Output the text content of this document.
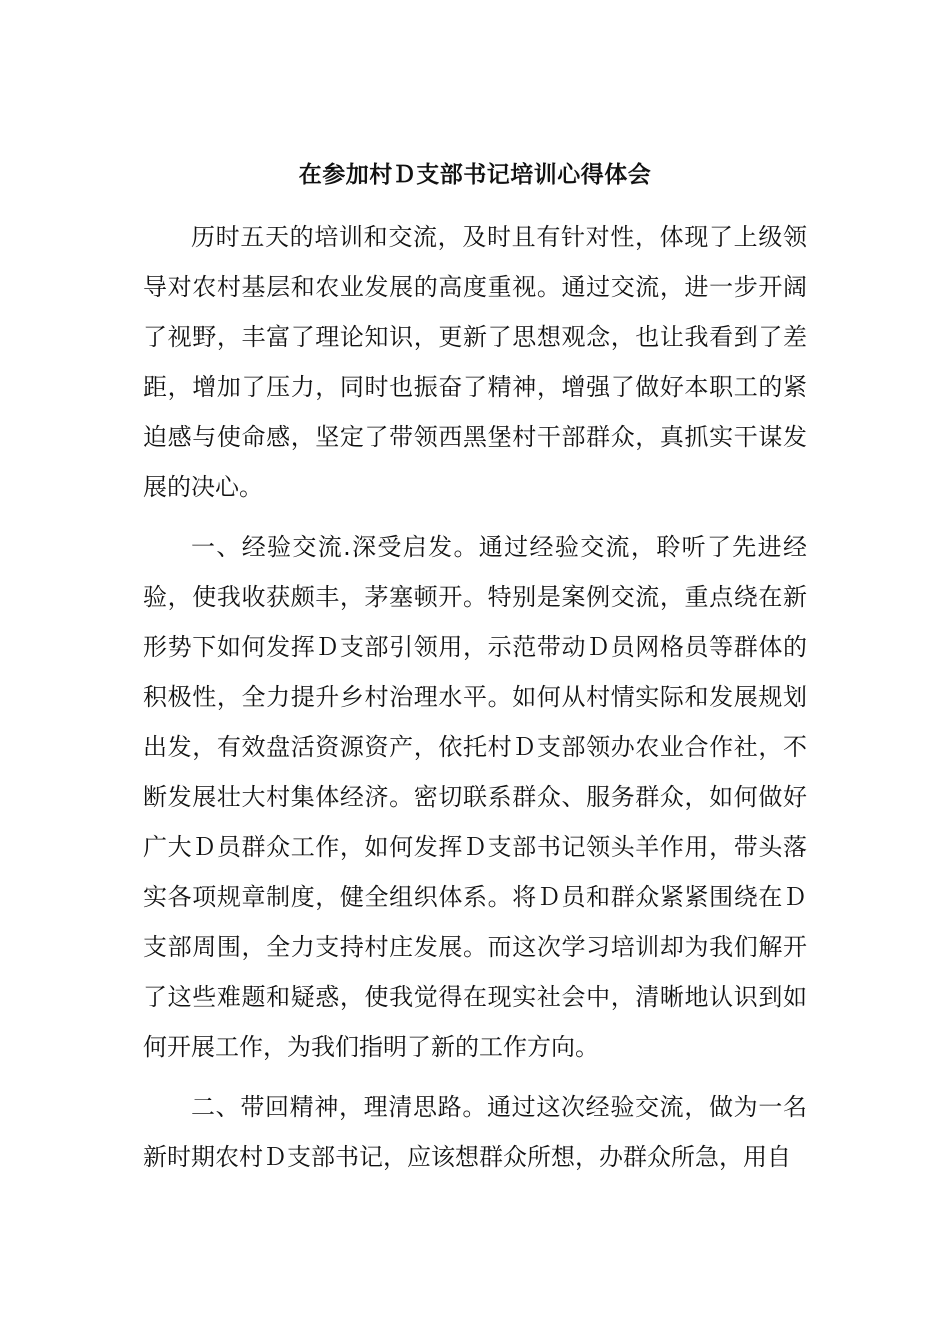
在参加村Ｄ支部书记培训心得体会

历时五天的培训和交流，及时且有针对性，体现了上级领导对农村基层和农业发展的高度重视。通过交流，进一步开阔了视野，丰富了理论知识，更新了思想观念，也让我看到了差距，增加了压力，同时也振奋了精神，增强了做好本职工的紧迫感与使命感，坚定了带领西黑堡村干部群众，真抓实干谋发展的决心。

一、经验交流.深受启发。通过经验交流，聆听了先进经验，使我收获颇丰，茅塞顿开。特别是案例交流，重点绕在新形势下如何发挥Ｄ支部引领用，示范带动Ｄ员网格员等群体的积极性，全力提升乡村治理水平。如何从村情实际和发展规划出发，有效盘活资源资产，依托村Ｄ支部领办农业合作社，不断发展壮大村集体经济。密切联系群众、服务群众，如何做好广大Ｄ员群众工作，如何发挥Ｄ支部书记领头羊作用，带头落实各项规章制度，健全组织体系。将Ｄ员和群众紧紧围绕在Ｄ支部周围，全力支持村庄发展。而这次学习培训却为我们解开了这些难题和疑惑，使我觉得在现实社会中，清晰地认识到如何开展工作，为我们指明了新的工作方向。

二、带回精神，理清思路。通过这次经验交流，做为一名新时期农村Ｄ支部书记，应该想群众所想，办群众所急，用自
